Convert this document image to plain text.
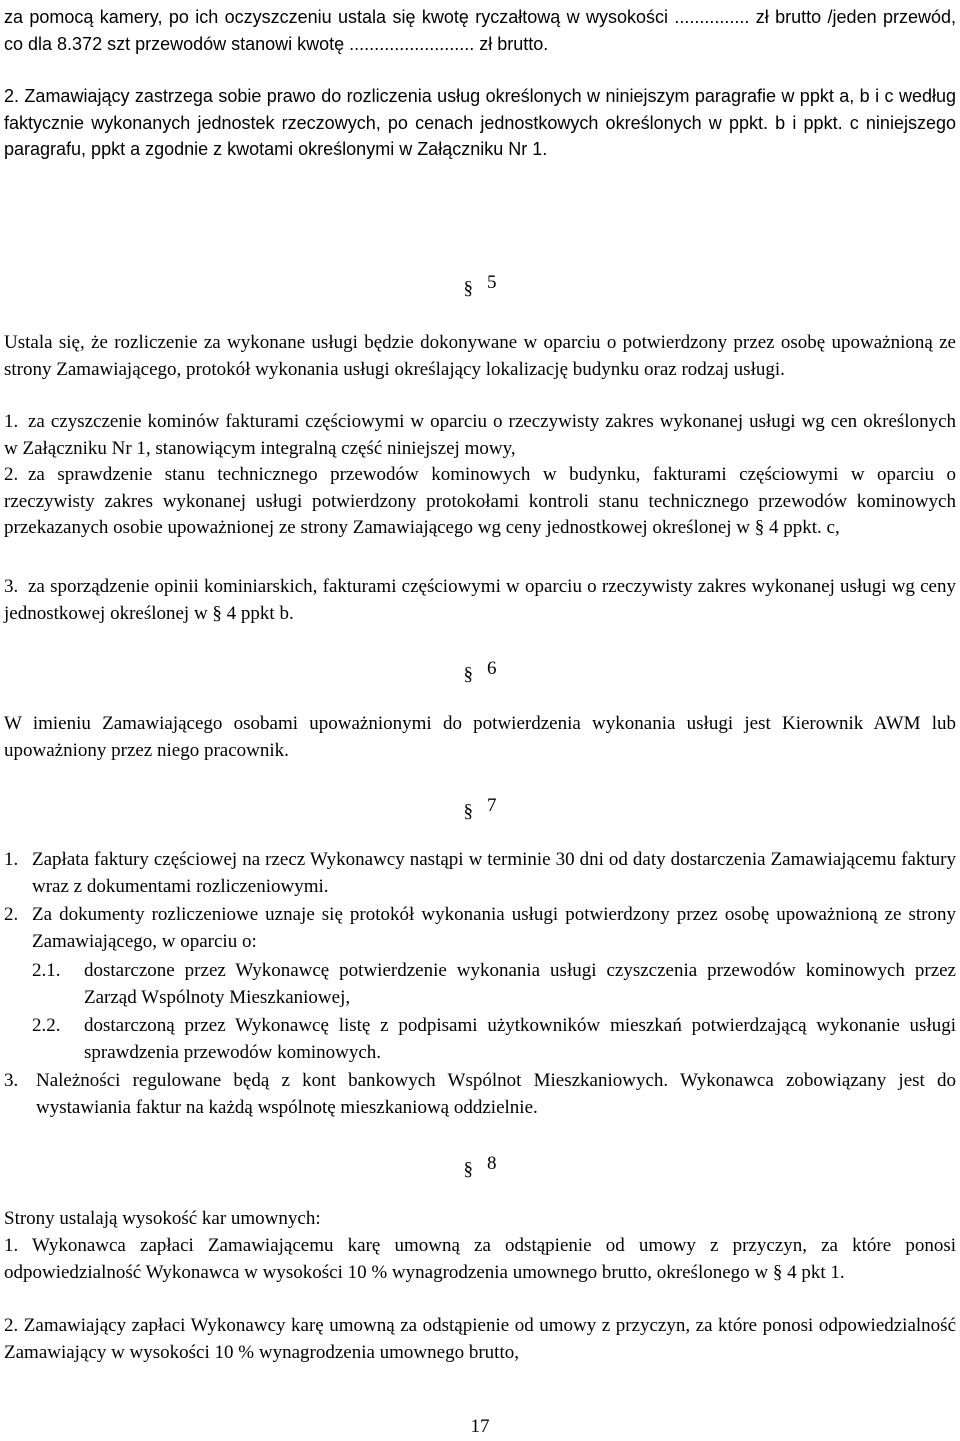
za pomocą kamery, po ich oczyszczeniu ustala się kwotę ryczałtową w wysokości ............... zł brutto /jeden przewód, co dla 8.372 szt przewodów stanowi kwotę ......................... zł brutto.

2. Zamawiający zastrzega sobie prawo do rozliczenia usług określonych w niniejszym paragrafie w ppkt a, b i c według faktycznie wykonanych jednostek rzeczowych, po cenach jednostkowych określonych w ppkt. b i ppkt. c niniejszego paragrafu, ppkt a zgodnie z kwotami określonymi w Załączniku Nr 1.

§ 5

Ustala się, że rozliczenie za wykonane usługi będzie dokonywane w oparciu o potwierdzony przez osobę upoważnioną ze strony Zamawiającego, protokół wykonania usługi określający lokalizację budynku oraz rodzaj usługi.

1. za czyszczenie kominów fakturami częściowymi w oparciu o rzeczywisty zakres wykonanej usługi wg cen określonych w Załączniku Nr 1, stanowiącym integralną część niniejszej mowy,

2. za sprawdzenie stanu technicznego przewodów kominowych w budynku, fakturami częściowymi w oparciu o rzeczywisty zakres wykonanej usługi potwierdzony protokołami kontroli stanu technicznego przewodów kominowych przekazanych osobie upoważnionej ze strony Zamawiającego wg ceny jednostkowej określonej w § 4 ppkt. c,

3. za sporządzenie opinii kominiarskich, fakturami częściowymi w oparciu o rzeczywisty zakres wykonanej usługi wg ceny jednostkowej określonej w § 4 ppkt b.

§ 6

W imieniu Zamawiającego osobami upoważnionymi do potwierdzenia wykonania usługi jest Kierownik AWM lub upoważniony przez niego pracownik.

§ 7
1. Zapłata faktury częściowej na rzecz Wykonawcy nastąpi w terminie 30 dni od daty dostarczenia Zamawiającemu faktury wraz z dokumentami rozliczeniowymi.

2. Za dokumenty rozliczeniowe uznaje się protokół wykonania usługi potwierdzony przez osobę upoważnioną ze strony Zamawiającego, w oparciu o:

2.1.	dostarczone przez Wykonawcę potwierdzenie wykonania usługi czyszczenia przewodów kominowych przez Zarząd Wspólnoty Mieszkaniowej,

2.2.	dostarczoną przez Wykonawcę listę z podpisami użytkowników mieszkań potwierdzającą wykonanie usługi sprawdzenia przewodów kominowych.

3. Należności regulowane będą z kont bankowych Wspólnot Mieszkaniowych. Wykonawca zobowiązany jest do wystawiania faktur na każdą wspólnotę mieszkaniową oddzielnie.

§ 8

Strony ustalają wysokość kar umownych:

1. Wykonawca zapłaci Zamawiającemu karę umowną za odstąpienie od umowy z przyczyn, za które ponosi odpowiedzialność Wykonawca w wysokości 10 % wynagrodzenia umownego brutto, określonego w § 4 pkt 1.

2. Zamawiający zapłaci Wykonawcy karę umowną za odstąpienie od umowy z przyczyn, za które ponosi odpowiedzialność Zamawiający w wysokości 10 % wynagrodzenia umownego brutto,

17
